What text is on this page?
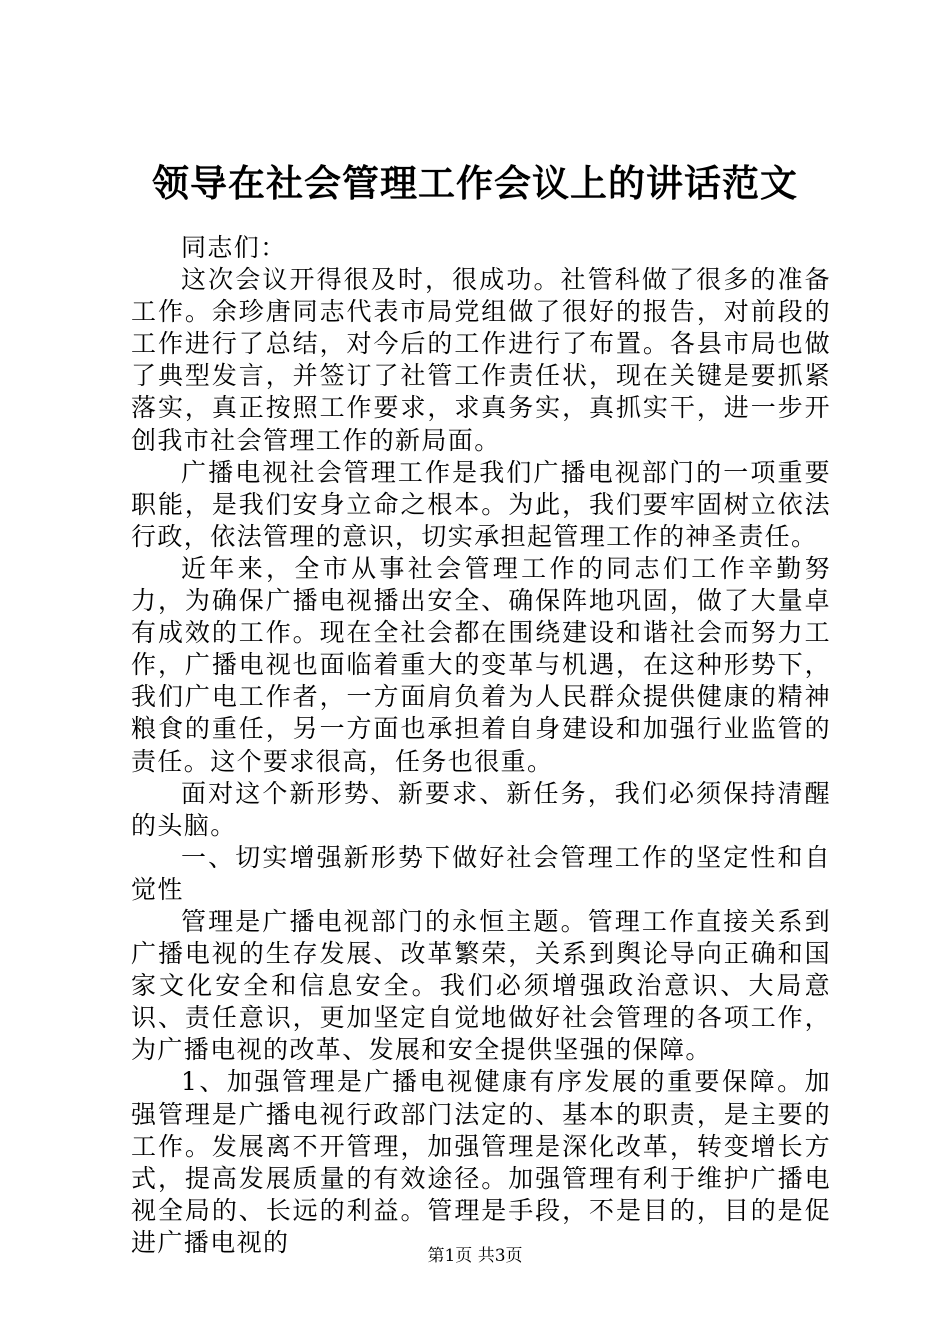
领导在社会管理工作会议上的讲话范文

同志们：

这次会议开得很及时，很成功。社管科做了很多的准备工作。余珍唐同志代表市局党组做了很好的报告，对前段的工作进行了总结，对今后的工作进行了布置。各县市局也做了典型发言，并签订了社管工作责任状，现在关键是要抓紧落实，真正按照工作要求，求真务实，真抓实干，进一步开创我市社会管理工作的新局面。

广播电视社会管理工作是我们广播电视部门的一项重要职能，是我们安身立命之根本。为此，我们要牢固树立依法行政，依法管理的意识，切实承担起管理工作的神圣责任。

近年来，全市从事社会管理工作的同志们工作辛勤努力，为确保广播电视播出安全、确保阵地巩固，做了大量卓有成效的工作。现在全社会都在围绕建设和谐社会而努力工作，广播电视也面临着重大的变革与机遇，在这种形势下，我们广电工作者，一方面肩负着为人民群众提供健康的精神粮食的重任，另一方面也承担着自身建设和加强行业监管的责任。这个要求很高，任务也很重。

面对这个新形势、新要求、新任务，我们必须保持清醒的头脑。

一、切实增强新形势下做好社会管理工作的坚定性和自觉性

管理是广播电视部门的永恒主题。管理工作直接关系到广播电视的生存发展、改革繁荣，关系到舆论导向正确和国家文化安全和信息安全。我们必须增强政治意识、大局意识、责任意识，更加坚定自觉地做好社会管理的各项工作，为广播电视的改革、发展和安全提供坚强的保障。

1、加强管理是广播电视健康有序发展的重要保障。加强管理是广播电视行政部门法定的、基本的职责，是主要的工作。发展离不开管理，加强管理是深化改革，转变增长方式，提高发展质量的有效途径。加强管理有利于维护广播电视全局的、长远的利益。管理是手段，不是目的，目的是促进广播电视的	第1页 共3页
